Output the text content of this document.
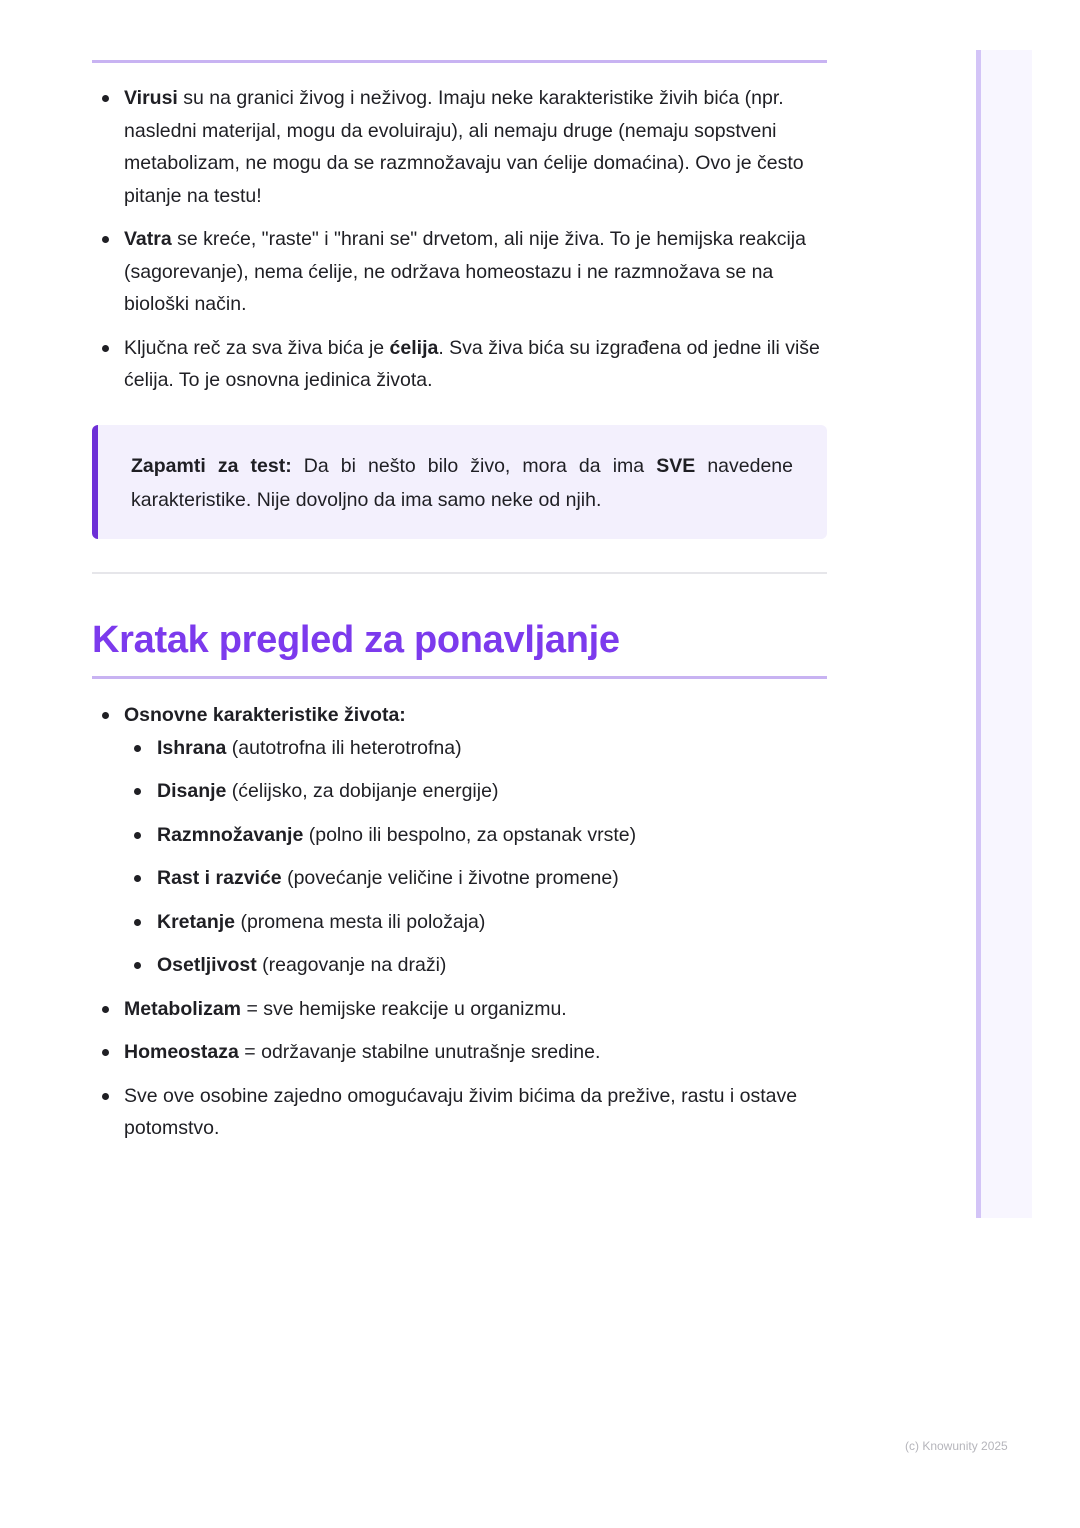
Virusi su na granici živog i neživog. Imaju neke karakteristike živih bića (npr. nasledni materijal, mogu da evoluiraju), ali nemaju druge (nemaju sopstveni metabolizam, ne mogu da se razmnožavaju van ćelije domaćina). Ovo je često pitanje na testu!
Vatra se kreće, "raste" i "hrani se" drvetom, ali nije živa. To je hemijska reakcija (sagorevanje), nema ćelije, ne održava homeostazu i ne razmnožava se na biološki način.
Ključna reč za sva živa bića je ćelija. Sva živa bića su izgrađena od jedne ili više ćelija. To je osnovna jedinica života.
Zapamti za test: Da bi nešto bilo živo, mora da ima SVE navedene karakteristike. Nije dovoljno da ima samo neke od njih.
Kratak pregled za ponavljanje
Osnovne karakteristike života:
Ishrana (autotrofna ili heterotrofna)
Disanje (ćelijsko, za dobijanje energije)
Razmnožavanje (polno ili bespolno, za opstanak vrste)
Rast i razviće (povećanje veličine i životne promene)
Kretanje (promena mesta ili položaja)
Osetljivost (reagovanje na draži)
Metabolizam = sve hemijske reakcije u organizmu.
Homeostaza = održavanje stabilne unutrašnje sredine.
Sve ove osobine zajedno omogućavaju živim bićima da prežive, rastu i ostave potomstvo.
(c) Knowunity 2025
